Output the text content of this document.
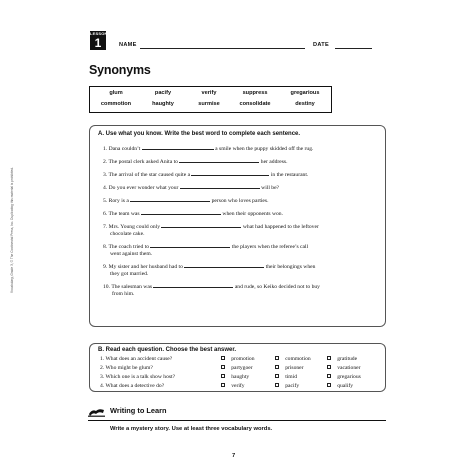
Vocabulary, Grade 3, © The Continental Press, Inc. Duplicating this material is prohibited.
LESSON
1	NAME	DATE
Synonyms
glum	pacify	verify	suppress	gregarious
commotion	haughty	surmise	consolidate	destiny
A. Use what you know. Write the best word to complete each sentence.
1. Dana couldn’t	a smile when the puppy skidded off the rug.
2. The postal clerk asked Anita to	her address.
3. The arrival of the star caused quite a	in the restaurant.
4. Do you ever wonder what your	will be?
5. Rory is a	person who loves parties.
6. The team was	when their opponents won.
7. Mrs. Young could only	what had happened to the leftover
chocolate cake.
8. The coach tried to	the players when the referee’s call
went against them.
9. My sister and her husband had to	their belongings when
they got married.
10. The salesman was	and rude, so Keiko decided not to buy
from him.
B. Read each question. Choose the best answer.
1. What does an accident cause?	promotion	commotion	gratitude
2. Who might be glum?	partygoer	prisoner	vacationer
3. Which one is a talk show host?	haughty	timid	gregarious
4. What does a detective do?	verify	pacify	qualify
Writing to Learn
Write a mystery story. Use at least three vocabulary words.
7
